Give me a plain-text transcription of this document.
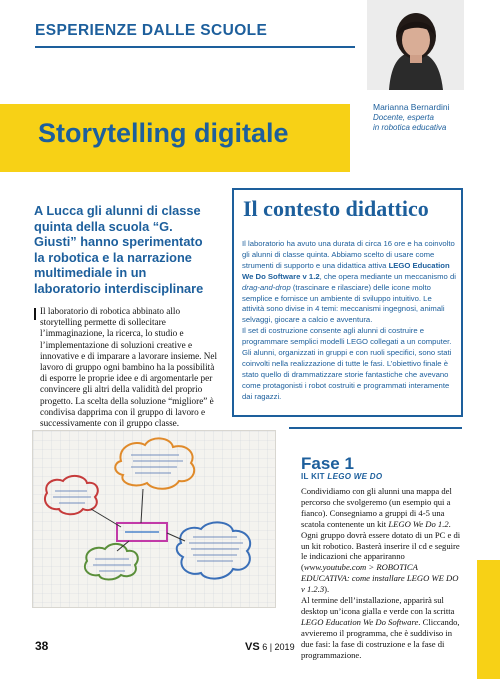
ESPERIENZE DALLE SCUOLE
Marianna Bernardini
Docente, esperta
in robotica educativa
Storytelling digitale
A Lucca gli alunni di classe quinta della scuola “G. Giusti” hanno sperimentato la robotica e la narrazione multimediale in un laboratorio interdisciplinare
Il laboratorio di robotica abbinato allo storytelling permette di sollecitare l’immaginazione, la ricerca, lo studio e l’implementazione di soluzioni creative e innovative e di imparare a lavorare insieme. Nel lavoro di gruppo ogni bambino ha la possibilità di esporre le proprie idee e di argomentarle per convincere gli altri della validità del proprio progetto. La scelta della soluzione “migliore” è condivisa dapprima con il gruppo di lavoro e successivamente con il gruppo classe.
Il contesto didattico
Il laboratorio ha avuto una durata di circa 16 ore e ha coinvolto gli alunni di classe quinta. Abbiamo scelto di usare come strumenti di supporto e una didattica attiva LEGO Education We Do Software v 1.2, che opera mediante un meccanismo di drag-and-drop (trascinare e rilasciare) delle icone molto semplice e fornisce un ambiente di sviluppo intuitivo. Le attività sono divise in 4 temi: meccanismi ingegnosi, animali selvaggi, giocare a calcio e avventura.
Il set di costruzione consente agli alunni di costruire e programmare semplici modelli LEGO collegati a un computer. Gli alunni, organizzati in gruppi e con ruoli specifici, sono stati coinvolti nella realizzazione di tutte le fasi. L’obiettivo finale è stato quello di drammatizzare storie fantastiche che avevano come protagonisti i robot costruiti e programmati interamente dai ragazzi.
Fase 1
IL KIT LEGO WE DO
Condividiamo con gli alunni una mappa del percorso che svolgeremo (un esempio qui a fianco). Consegniamo a gruppi di 4-5 una scatola contenente un kit LEGO We Do 1.2. Ogni gruppo dovrà essere dotato di un PC e di un kit robotico. Basterà inserire il cd e seguire le indicazioni che appariranno (www.youtube.com > ROBOTICA EDUCATIVA: come installare LEGO WE DO v 1.2.3).
Al termine dell’installazione, apparirà sul desktop un’icona gialla e verde con la scritta LEGO Education We Do Software. Cliccando, avvieremo il programma, che è suddiviso in due fasi: la fase di costruzione e la fase di programmazione.
38	VS 6 | 2019
